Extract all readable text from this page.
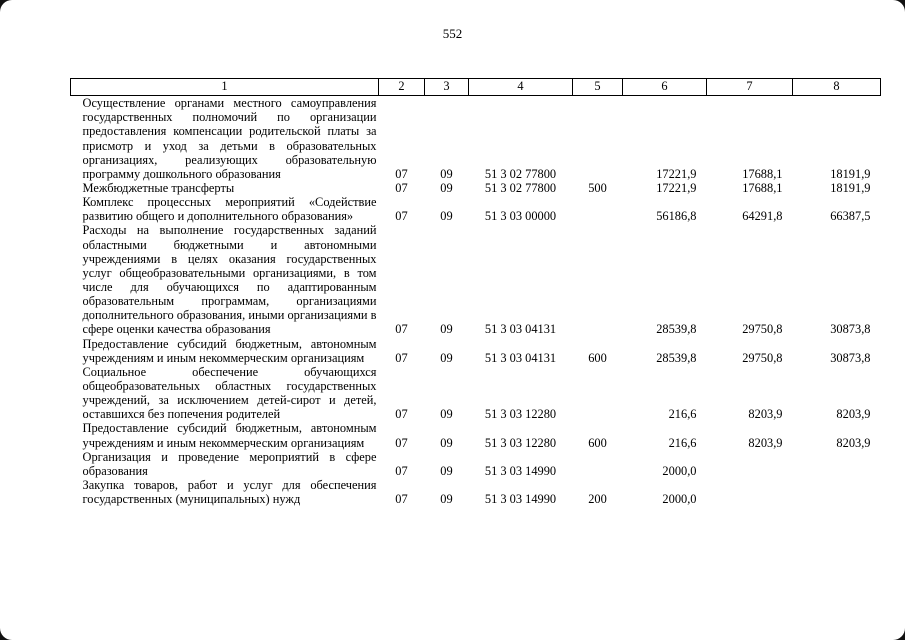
552
1	2	3	4	5	6	7	8
Осуществление органами местного самоуправления государственных полномочий по организации предоставления компенсации родительской платы за присмотр и уход за детьми в образовательных организациях, реализующих образовательную программу дошкольного образования	07	09	51 3 02 77800		17221,9	17688,1	18191,9
Межбюджетные трансферты	07	09	51 3 02 77800	500	17221,9	17688,1	18191,9
Комплекс процессных мероприятий «Содействие развитию общего и дополнительного образования»	07	09	51 3 03 00000		56186,8	64291,8	66387,5
Расходы на выполнение государственных заданий областными бюджетными и автономными учреждениями в целях оказания государственных услуг общеобразовательными организациями, в том числе для обучающихся по адаптированным образовательным программам, организациями дополнительного образования, иными организациями в сфере оценки качества образования	07	09	51 3 03 04131		28539,8	29750,8	30873,8
Предоставление субсидий бюджетным, автономным учреждениям и иным некоммерческим организациям	07	09	51 3 03 04131	600	28539,8	29750,8	30873,8
Социальное обеспечение обучающихся общеобразовательных областных государственных учреждений, за исключением детей-сирот и детей, оставшихся без попечения родителей	07	09	51 3 03 12280		216,6	8203,9	8203,9
Предоставление субсидий бюджетным, автономным учреждениям и иным некоммерческим организациям	07	09	51 3 03 12280	600	216,6	8203,9	8203,9
Организация и проведение мероприятий в сфере образования	07	09	51 3 03 14990		2000,0		
Закупка товаров, работ и услуг для обеспечения государственных (муниципальных) нужд	07	09	51 3 03 14990	200	2000,0		
